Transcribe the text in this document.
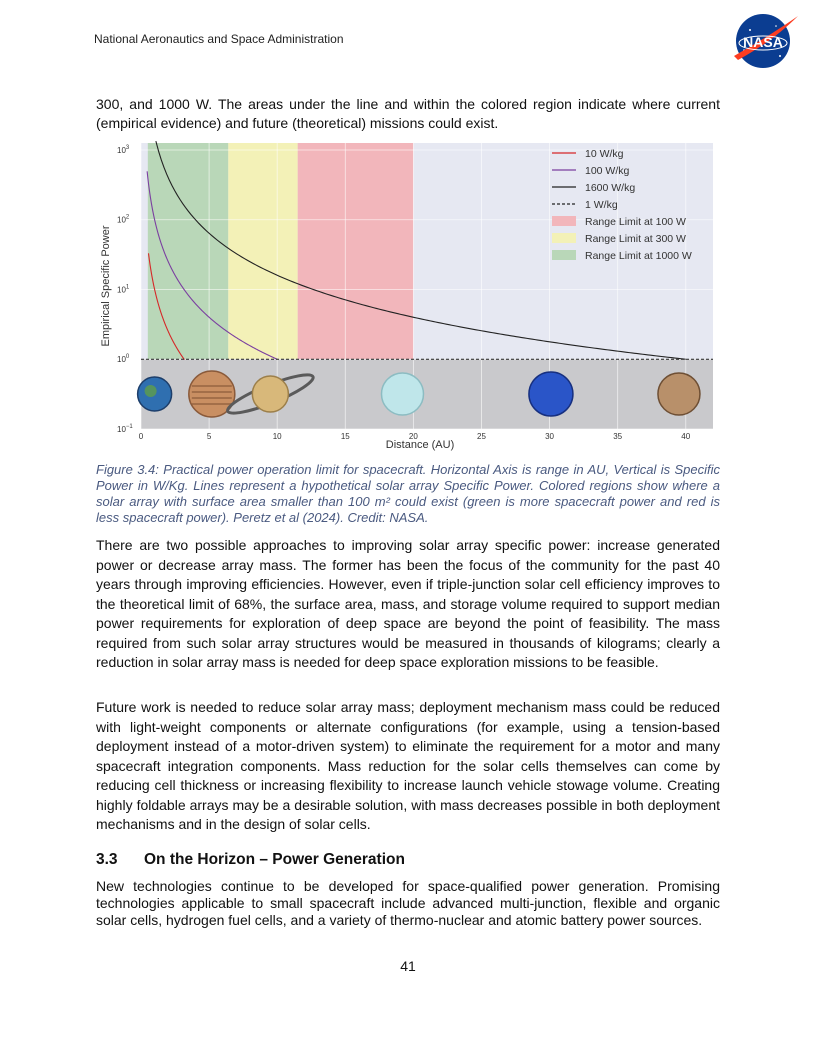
National Aeronautics and Space Administration	NASA
300, and 1000 W. The areas under the line and within the colored region indicate where current (empirical evidence) and future (theoretical) missions could exist.
0	5	10	15	20	25	30	35	40
$10^3$
$10^2$
$10^1$
$10^0$
$10^{-1}$
Distance (AU)
Empirical Specific Power
10 W/kg
100 W/kg
1600 W/kg
1 W/kg
Range Limit at 100 W
Range Limit at 300 W
Range Limit at 1000 W
Figure 3.4: Practical power operation limit for spacecraft. Horizontal Axis is range in AU, Vertical is Specific Power in W/Kg. Lines represent a hypothetical solar array Specific Power. Colored regions show where a solar array with surface area smaller than 100 m² could exist (green is more spacecraft power and red is less spacecraft power). Peretz et al (2024). Credit: NASA.

There are two possible approaches to improving solar array specific power: increase generated power or decrease array mass. The former has been the focus of the community for the past 40 years through improving efficiencies. However, even if triple-junction solar cell efficiency improves to the theoretical limit of 68%, the surface area, mass, and storage volume required to support median power requirements for exploration of deep space are beyond the point of feasibility. The mass required from such solar array structures would be measured in thousands of kilograms; clearly a reduction in solar array mass is needed for deep space exploration missions to be feasible.

Future work is needed to reduce solar array mass; deployment mechanism mass could be reduced with light-weight components or alternate configurations (for example, using a tension-based deployment instead of a motor-driven system) to eliminate the requirement for a motor and many spacecraft integration components. Mass reduction for the solar cells themselves can come by reducing cell thickness or increasing flexibility to increase launch vehicle stowage volume. Creating highly foldable arrays may be a desirable solution, with mass decreases possible in both deployment mechanisms and in the design of solar cells.

3.3 On the Horizon – Power Generation

New technologies continue to be developed for space-qualified power generation. Promising technologies applicable to small spacecraft include advanced multi-junction, flexible and organic solar cells, hydrogen fuel cells, and a variety of thermo-nuclear and atomic battery power sources.

41
